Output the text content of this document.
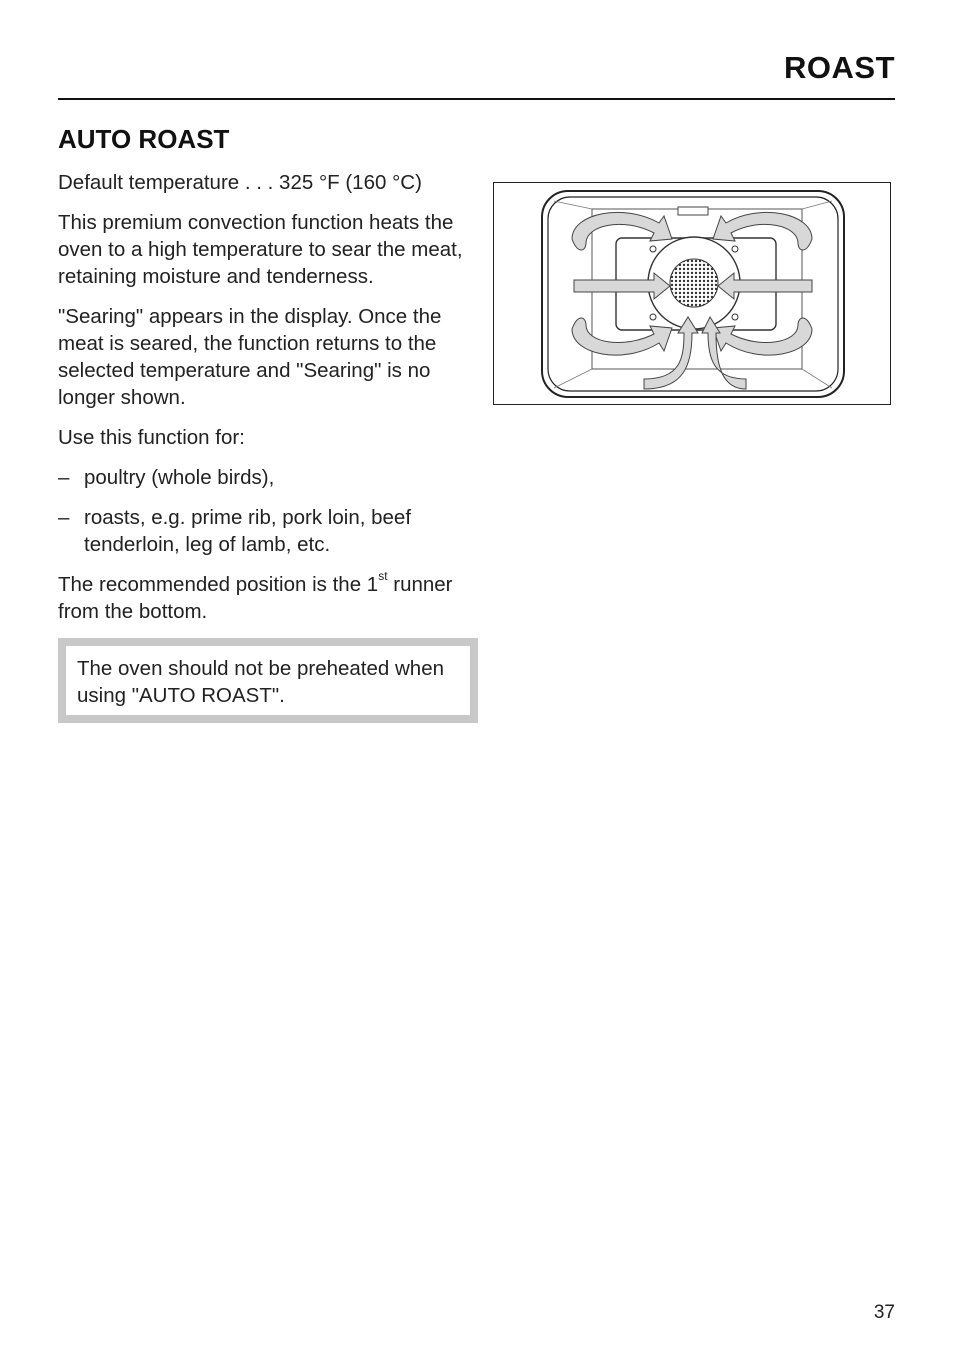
ROAST
AUTO ROAST

Default temperature . . . 325 °F (160 °C)

This premium convection function heats the oven to a high temperature to sear the meat, retaining moisture and tenderness.

"Searing" appears in the display. Once the meat is seared, the function returns to the selected temperature and "Searing" is no longer shown.

Use this function for:

– poultry (whole birds),
– roasts, e.g. prime rib, pork loin, beef tenderloin, leg of lamb, etc.

The recommended position is the 1st runner from the bottom.

The oven should not be preheated when using "AUTO ROAST".

37
